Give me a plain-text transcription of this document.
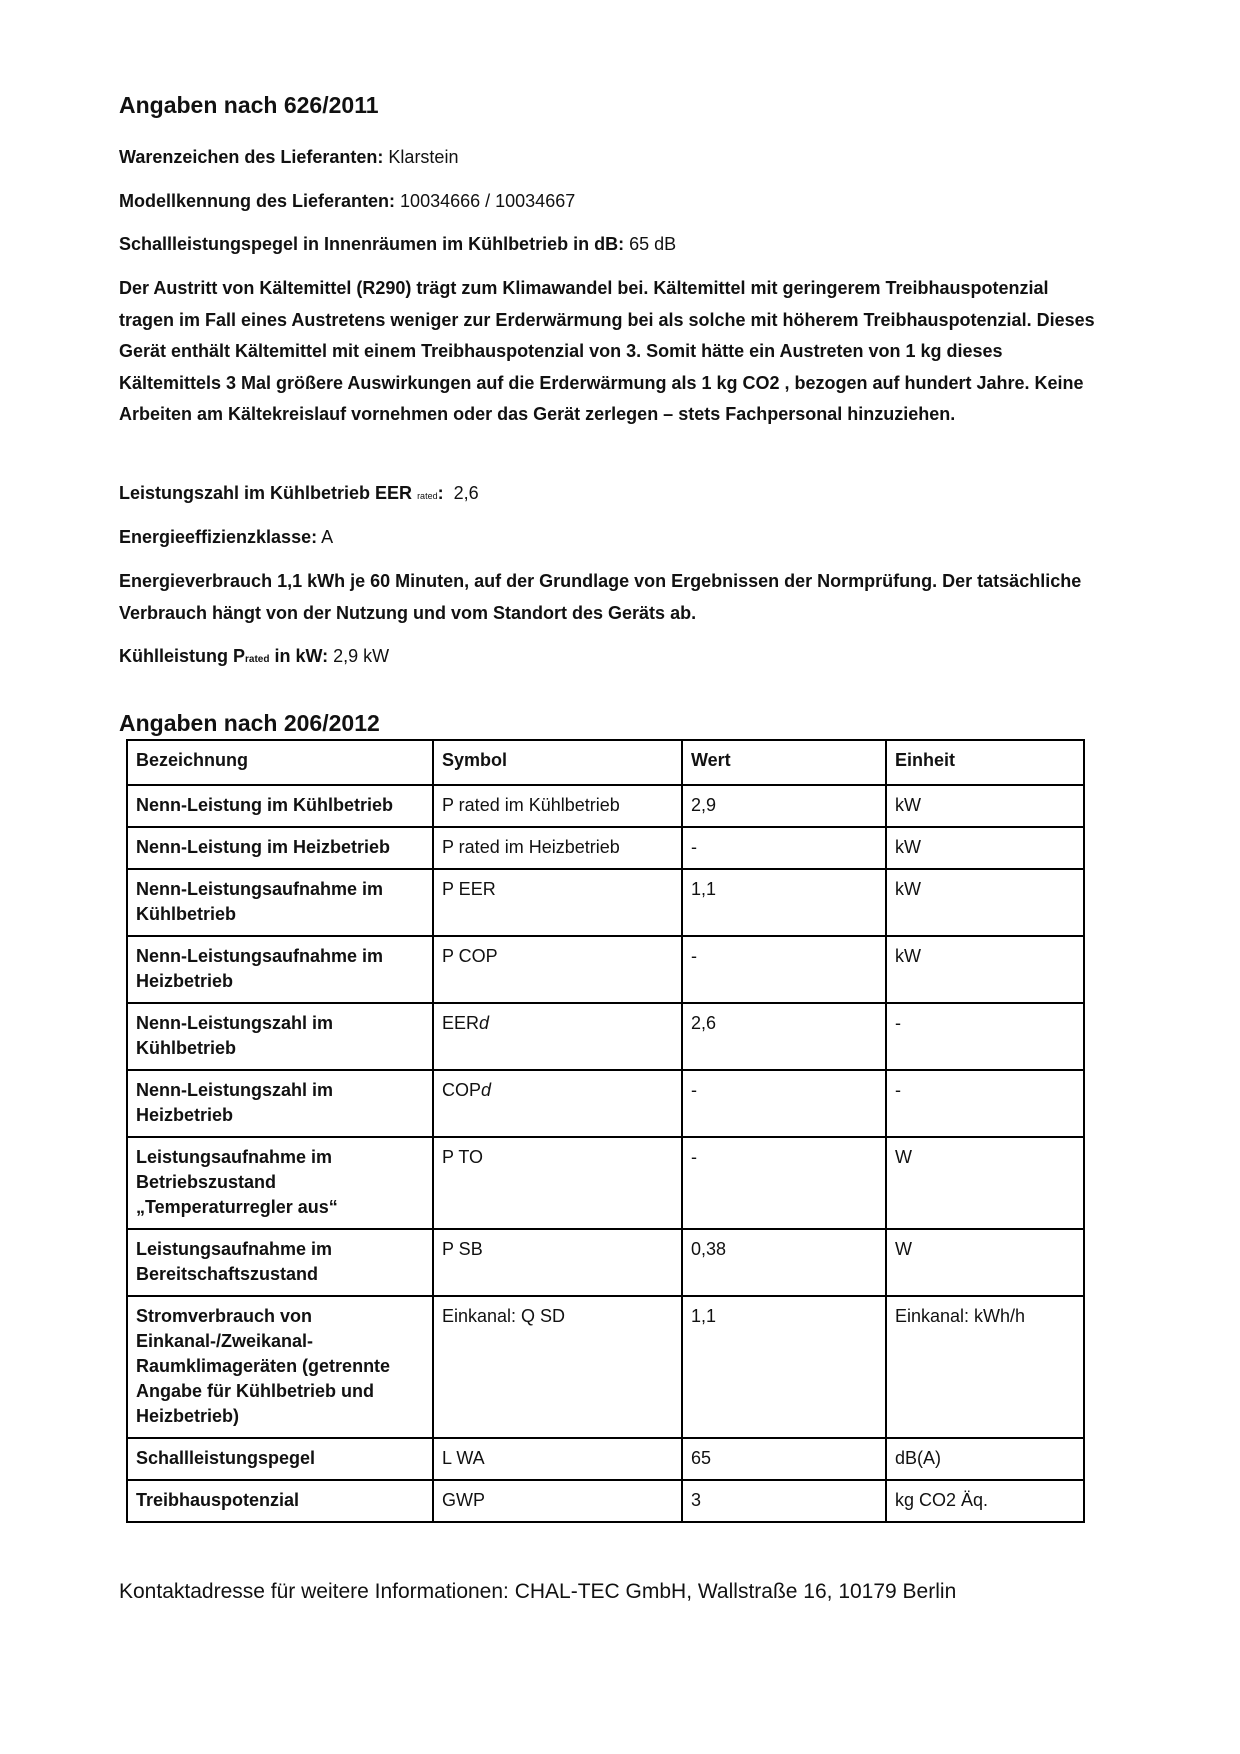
Angaben nach 626/2011

Warenzeichen des Lieferanten: Klarstein

Modellkennung des Lieferanten: 10034666 / 10034667

Schallleistungspegel in Innenräumen im Kühlbetrieb in dB: 65 dB

Der Austritt von Kältemittel (R290) trägt zum Klimawandel bei. Kältemittel mit geringerem Treibhauspotenzial tragen im Fall eines Austretens weniger zur Erderwärmung bei als solche mit höherem Treibhauspotenzial. Dieses Gerät enthält Kältemittel mit einem Treibhauspotenzial von 3. Somit hätte ein Austreten von 1 kg dieses Kältemittels 3 Mal größere Auswirkungen auf die Erderwärmung als 1 kg CO2 , bezogen auf hundert Jahre. Keine Arbeiten am Kältekreislauf vornehmen oder das Gerät zerlegen – stets Fachpersonal hinzuziehen.

Leistungszahl im Kühlbetrieb EER rated: 2,6

Energieeffizienzklasse: A

Energieverbrauch 1,1 kWh je 60 Minuten, auf der Grundlage von Ergebnissen der Normprüfung. Der tatsächliche Verbrauch hängt von der Nutzung und vom Standort des Geräts ab.

Kühlleistung Prated in kW: 2,9 kW

Angaben nach 206/2012
Bezeichnung	Symbol	Wert	Einheit
Nenn-Leistung im Kühlbetrieb	P rated im Kühlbetrieb	2,9	kW
Nenn-Leistung im Heizbetrieb	P rated im Heizbetrieb	-	kW
Nenn-Leistungsaufnahme im Kühlbetrieb	P EER	1,1	kW
Nenn-Leistungsaufnahme im Heizbetrieb	P COP	-	kW
Nenn-Leistungszahl im Kühlbetrieb	EERd	2,6	-
Nenn-Leistungszahl im Heizbetrieb	COPd	-	-
Leistungsaufnahme im Betriebszustand „Temperaturregler aus“	P TO	-	W
Leistungsaufnahme im Bereitschaftszustand	P SB	0,38	W
Stromverbrauch von Einkanal-/Zweikanal-Raumklimageräten (getrennte Angabe für Kühlbetrieb und Heizbetrieb)	Einkanal: Q SD	1,1	Einkanal: kWh/h
Schallleistungspegel	L WA	65	dB(A)
Treibhauspotenzial	GWP	3	kg CO2 Äq.

Kontaktadresse für weitere Informationen: CHAL-TEC GmbH, Wallstraße 16, 10179 Berlin
